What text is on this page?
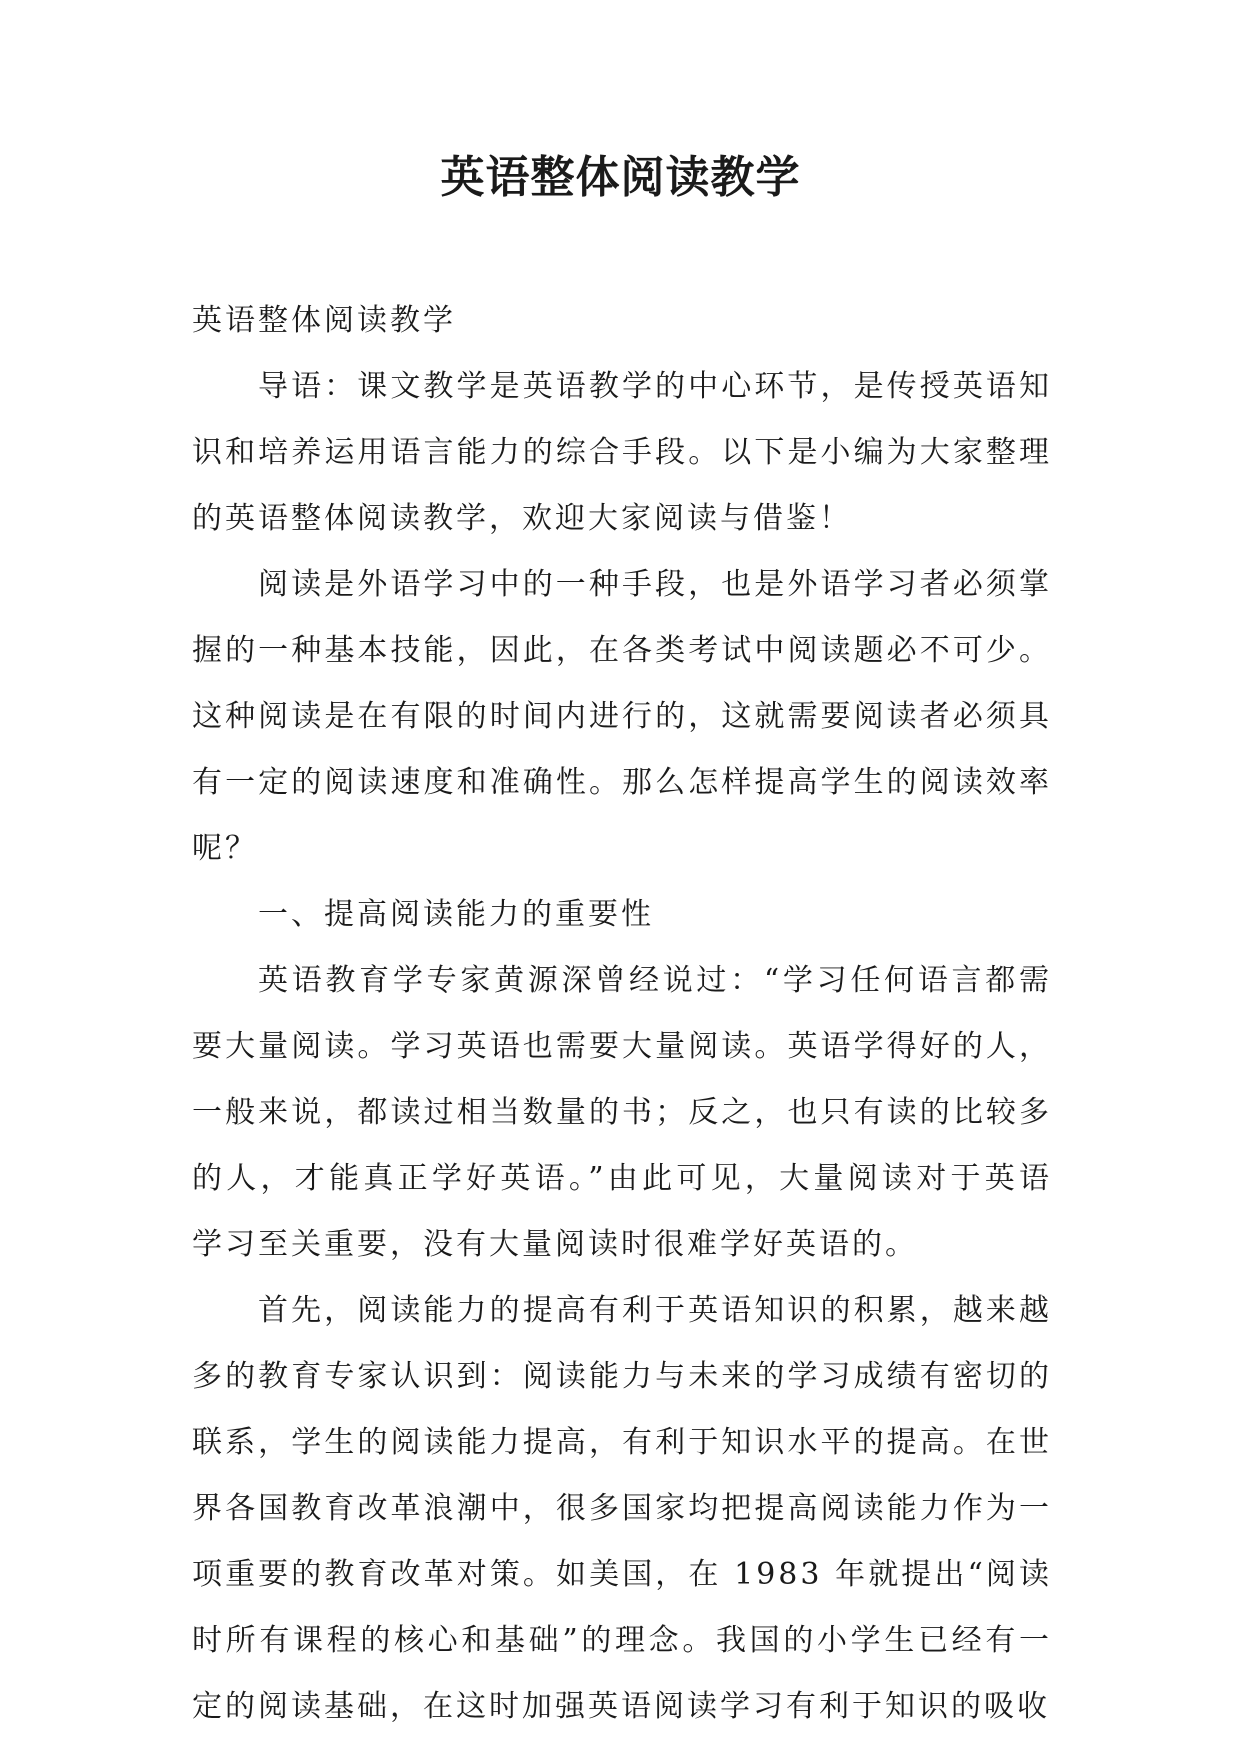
英语整体阅读教学

英语整体阅读教学

导语：课文教学是英语教学的中心环节，是传授英语知识和培养运用语言能力的综合手段。以下是小编为大家整理的英语整体阅读教学，欢迎大家阅读与借鉴！

阅读是外语学习中的一种手段，也是外语学习者必须掌握的一种基本技能，因此，在各类考试中阅读题必不可少。这种阅读是在有限的时间内进行的，这就需要阅读者必须具有一定的阅读速度和准确性。那么怎样提高学生的阅读效率呢？

一、提高阅读能力的重要性

英语教育学专家黄源深曾经说过：“学习任何语言都需要大量阅读。学习英语也需要大量阅读。英语学得好的人，一般来说，都读过相当数量的书；反之，也只有读的比较多的人，才能真正学好英语。”由此可见，大量阅读对于英语学习至关重要，没有大量阅读时很难学好英语的。

首先，阅读能力的提高有利于英语知识的积累，越来越多的教育专家认识到：阅读能力与未来的学习成绩有密切的联系，学生的阅读能力提高，有利于知识水平的提高。在世界各国教育改革浪潮中，很多国家均把提高阅读能力作为一项重要的教育改革对策。如美国，在 1983 年就提出“阅读时所有课程的核心和基础”的理念。我国的小学生已经有一定的阅读基础，在这时加强英语阅读学习有利于知识的吸收
